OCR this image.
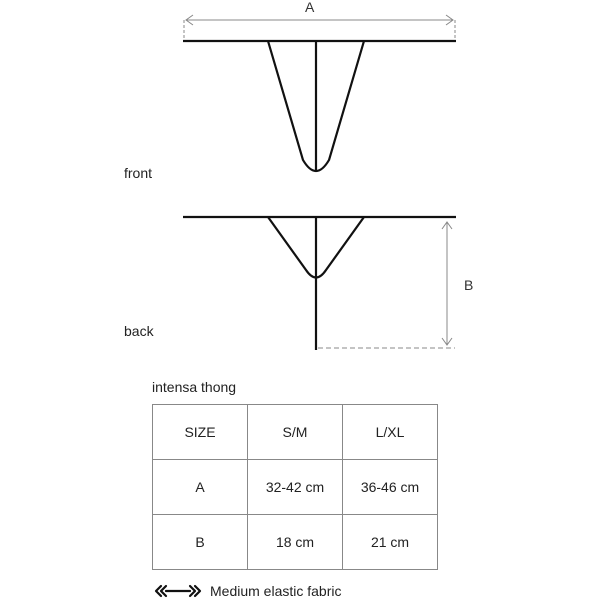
A
B
front
back
intensa thong
SIZE	S/M	L/XL
A	32-42 cm	36-46 cm
B	18 cm	21 cm
Medium elastic fabric
